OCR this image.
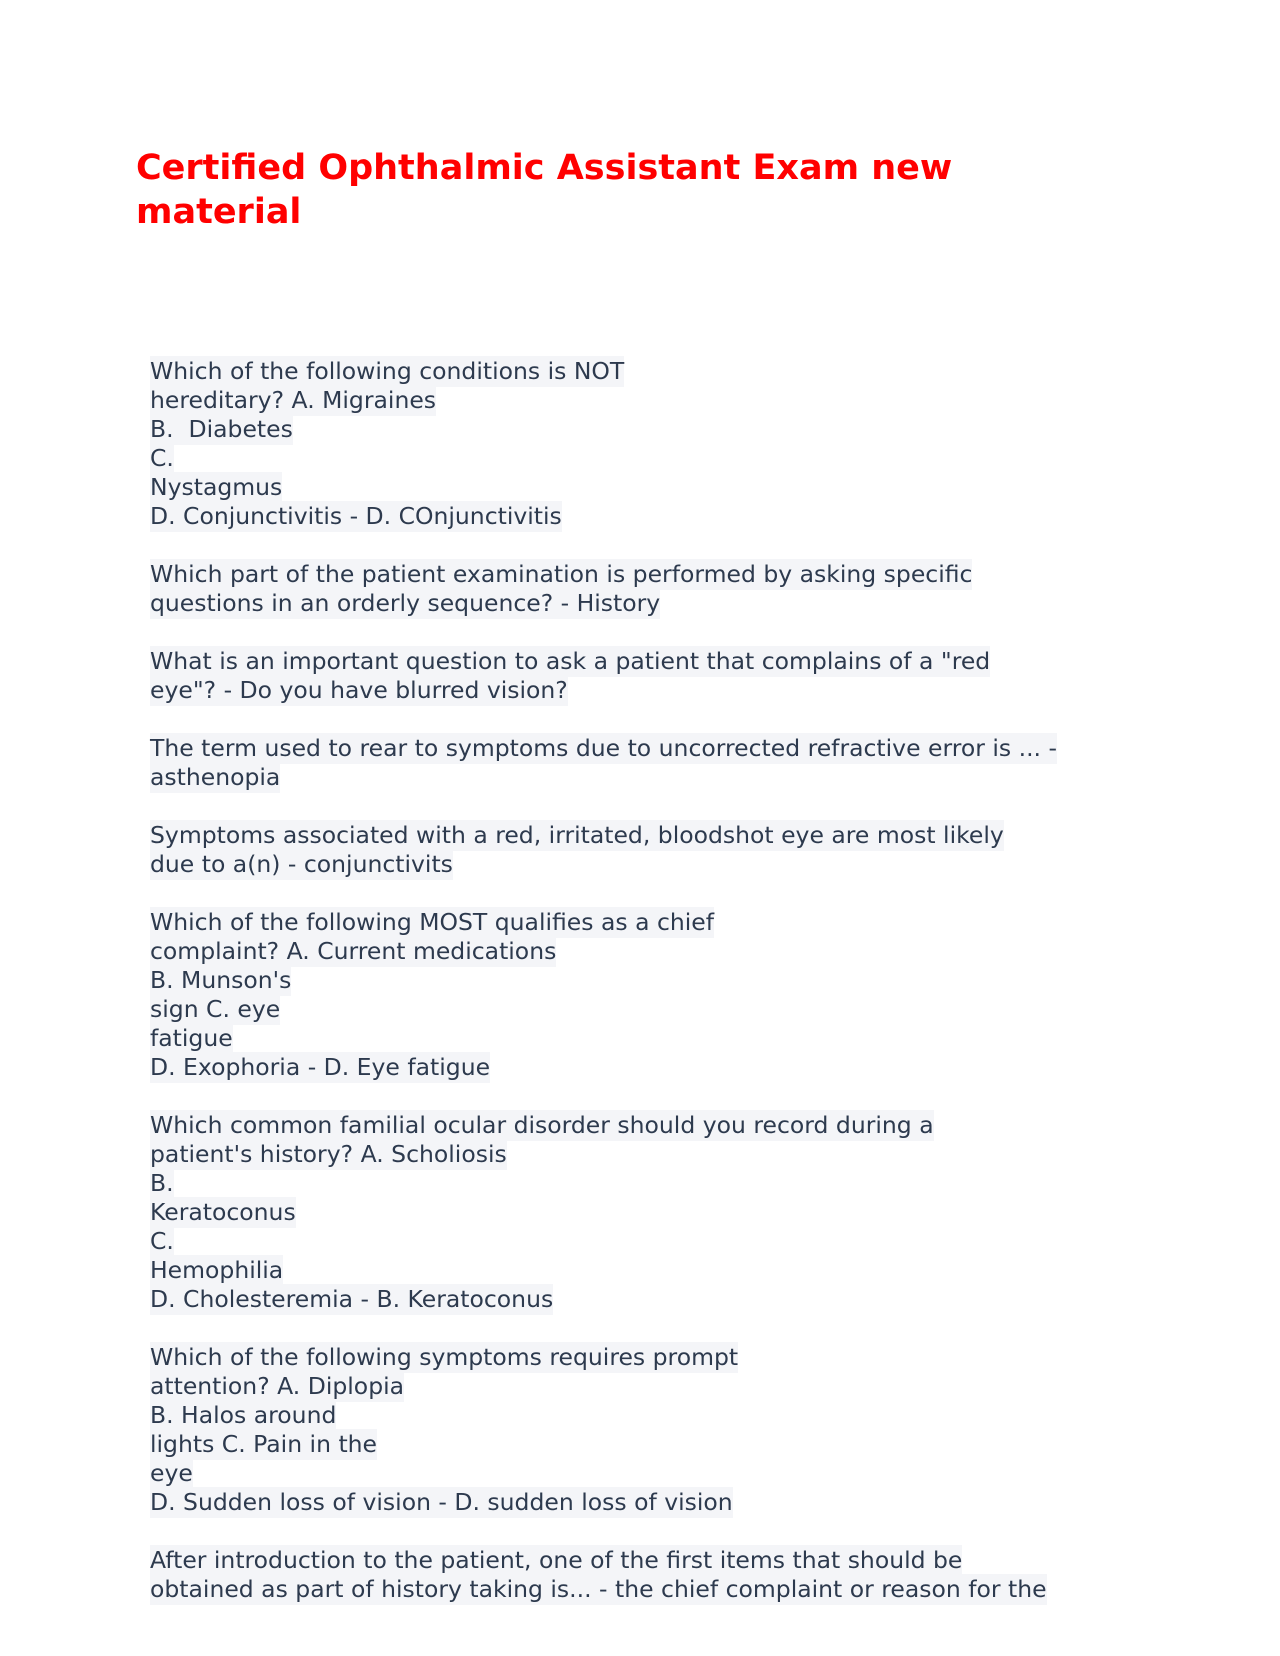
Certified Ophthalmic Assistant Exam new material
Which of the following conditions is NOT
hereditary? A. Migraines
B.  Diabetes
C.
Nystagmus
D. Conjunctivitis - D. COnjunctivitis
Which part of the patient examination is performed by asking specific
questions in an orderly sequence? - History
What is an important question to ask a patient that complains of a "red
eye"? - Do you have blurred vision?
The term used to rear to symptoms due to uncorrected refractive error is ... -
asthenopia
Symptoms associated with a red, irritated, bloodshot eye are most likely
due to a(n) - conjunctivits
Which of the following MOST qualifies as a chief
complaint? A. Current medications
B. Munson's
sign C. eye
fatigue
D. Exophoria - D. Eye fatigue
Which common familial ocular disorder should you record during a
patient's history? A. Scholiosis
B.
Keratoconus
C.
Hemophilia
D. Cholesteremia - B. Keratoconus
Which of the following symptoms requires prompt
attention? A. Diplopia
B. Halos around
lights C. Pain in the
eye
D. Sudden loss of vision - D. sudden loss of vision
After introduction to the patient, one of the first items that should be
obtained as part of history taking is... - the chief complaint or reason for the
